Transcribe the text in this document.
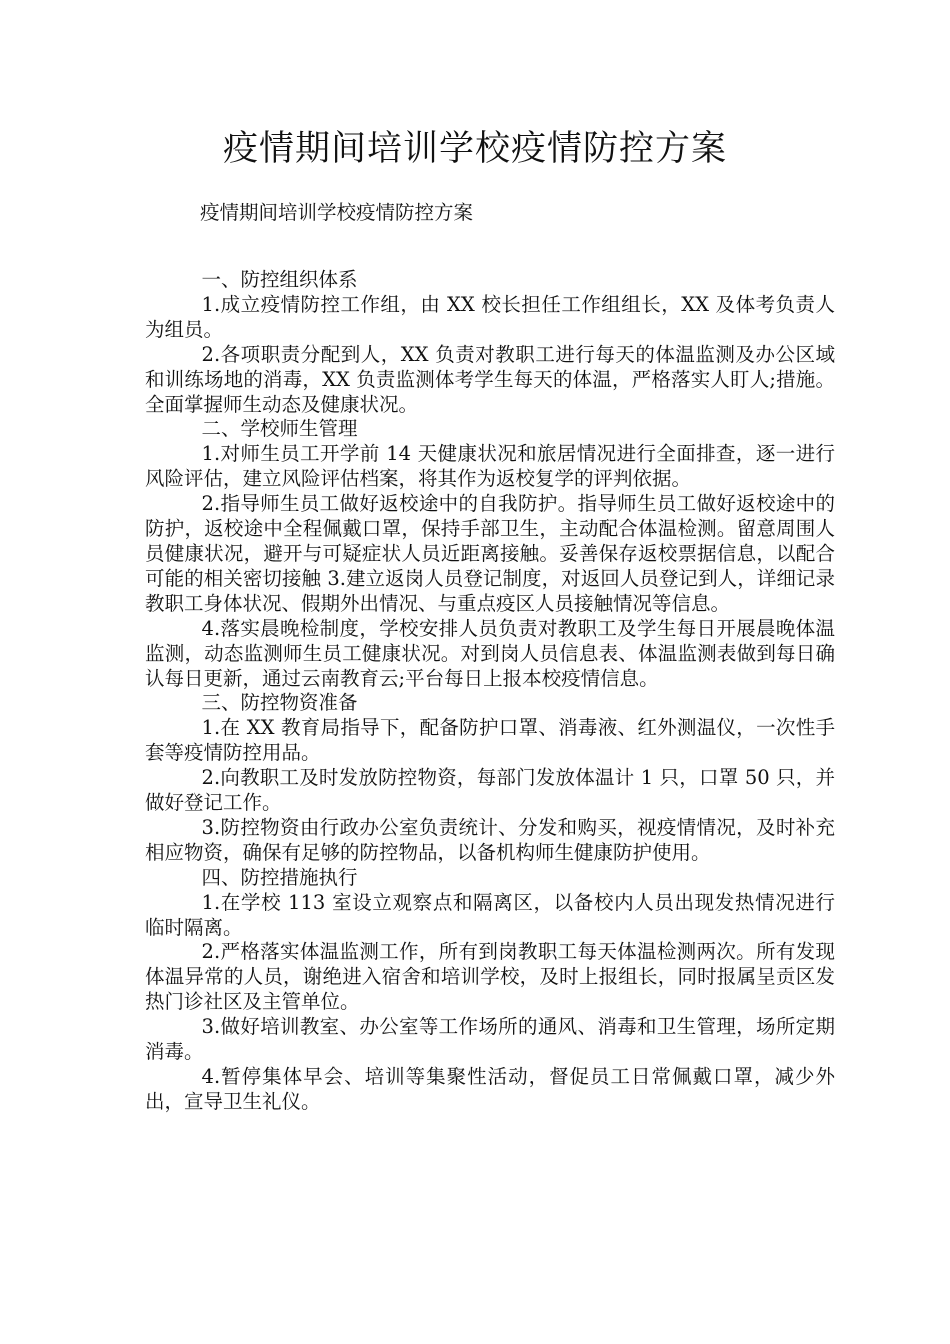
疫情期间培训学校疫情防控方案
疫情期间培训学校疫情防控方案

一、防控组织体系

1.成立疫情防控工作组，由 XX 校长担任工作组组长，XX 及体考负责人为组员。

2.各项职责分配到人，XX 负责对教职工进行每天的体温监测及办公区域和训练场地的消毒，XX 负责监测体考学生每天的体温，严格落实人盯人;措施。全面掌握师生动态及健康状况。

二、学校师生管理

1.对师生员工开学前 14 天健康状况和旅居情况进行全面排查，逐一进行风险评估，建立风险评估档案，将其作为返校复学的评判依据。

2.指导师生员工做好返校途中的自我防护。指导师生员工做好返校途中的防护，返校途中全程佩戴口罩，保持手部卫生，主动配合体温检测。留意周围人员健康状况，避开与可疑症状人员近距离接触。妥善保存返校票据信息，以配合可能的相关密切接触 3.建立返岗人员登记制度，对返回人员登记到人，详细记录教职工身体状况、假期外出情况、与重点疫区人员接触情况等信息。

4.落实晨晚检制度，学校安排人员负责对教职工及学生每日开展晨晚体温监测，动态监测师生员工健康状况。对到岗人员信息表、体温监测表做到每日确认每日更新，通过云南教育云;平台每日上报本校疫情信息。

三、防控物资准备

1.在 XX 教育局指导下，配备防护口罩、消毒液、红外测温仪，一次性手套等疫情防控用品。

2.向教职工及时发放防控物资，每部门发放体温计 1 只，口罩 50 只，并做好登记工作。

3.防控物资由行政办公室负责统计、分发和购买，视疫情情况，及时补充相应物资，确保有足够的防控物品，以备机构师生健康防护使用。

四、防控措施执行

1.在学校 113 室设立观察点和隔离区，以备校内人员出现发热情况进行临时隔离。

2.严格落实体温监测工作，所有到岗教职工每天体温检测两次。所有发现体温异常的人员，谢绝进入宿舍和培训学校，及时上报组长，同时报属呈贡区发热门诊社区及主管单位。

3.做好培训教室、办公室等工作场所的通风、消毒和卫生管理，场所定期消毒。

4.暂停集体早会、培训等集聚性活动，督促员工日常佩戴口罩，减少外出，宣导卫生礼仪。
